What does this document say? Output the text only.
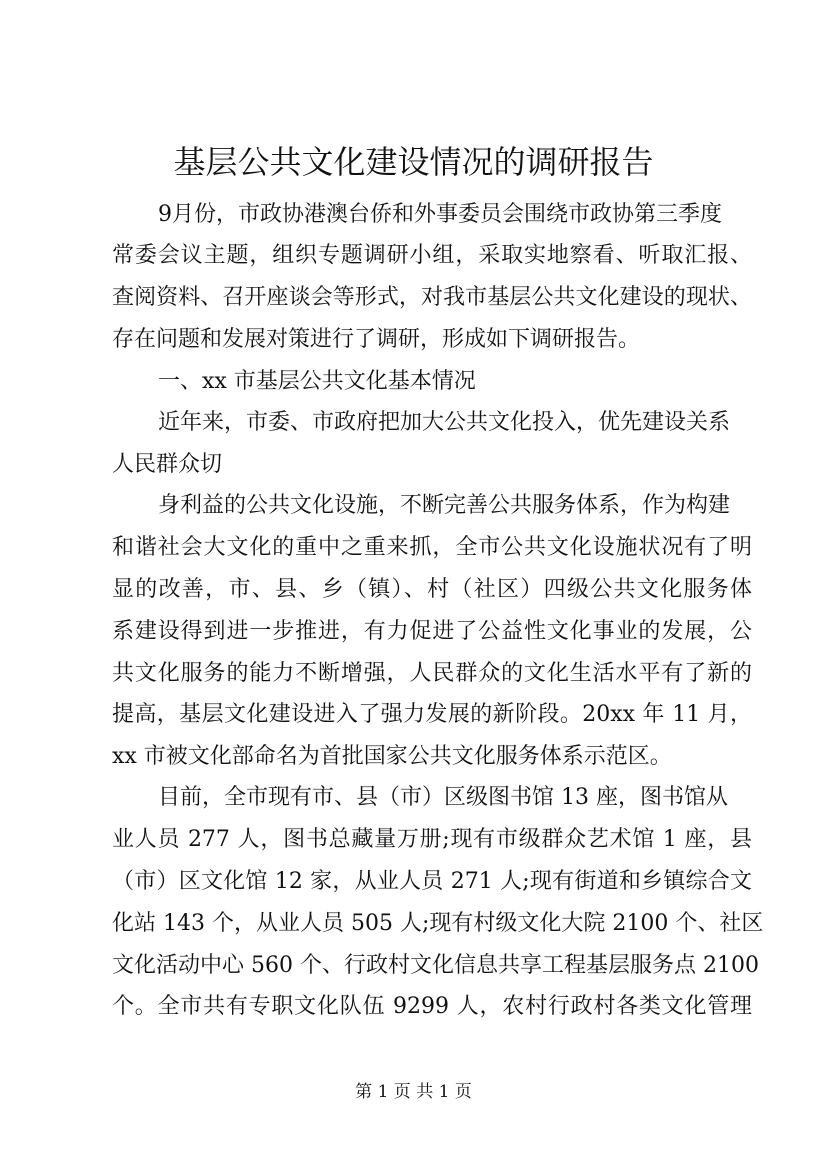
基层公共文化建设情况的调研报告
9月份，市政协港澳台侨和外事委员会围绕市政协第三季度
常委会议主题，组织专题调研小组，采取实地察看、听取汇报、
查阅资料、召开座谈会等形式，对我市基层公共文化建设的现状、
存在问题和发展对策进行了调研，形成如下调研报告。
一、xx 市基层公共文化基本情况
近年来，市委、市政府把加大公共文化投入，优先建设关系
人民群众切
身利益的公共文化设施，不断完善公共服务体系，作为构建
和谐社会大文化的重中之重来抓，全市公共文化设施状况有了明
显的改善，市、县、乡（镇）、村（社区）四级公共文化服务体
系建设得到进一步推进，有力促进了公益性文化事业的发展，公
共文化服务的能力不断增强，人民群众的文化生活水平有了新的
提高，基层文化建设进入了强力发展的新阶段。20xx 年 11 月，
xx 市被文化部命名为首批国家公共文化服务体系示范区。
目前，全市现有市、县（市）区级图书馆 13 座，图书馆从
业人员 277 人，图书总藏量万册;现有市级群众艺术馆 1 座，县
（市）区文化馆 12 家，从业人员 271 人;现有街道和乡镇综合文
化站 143 个，从业人员 505 人;现有村级文化大院 2100 个、社区
文化活动中心 560 个、行政村文化信息共享工程基层服务点 2100
个。全市共有专职文化队伍 9299 人，农村行政村各类文化管理
第 1 页 共 1 页
